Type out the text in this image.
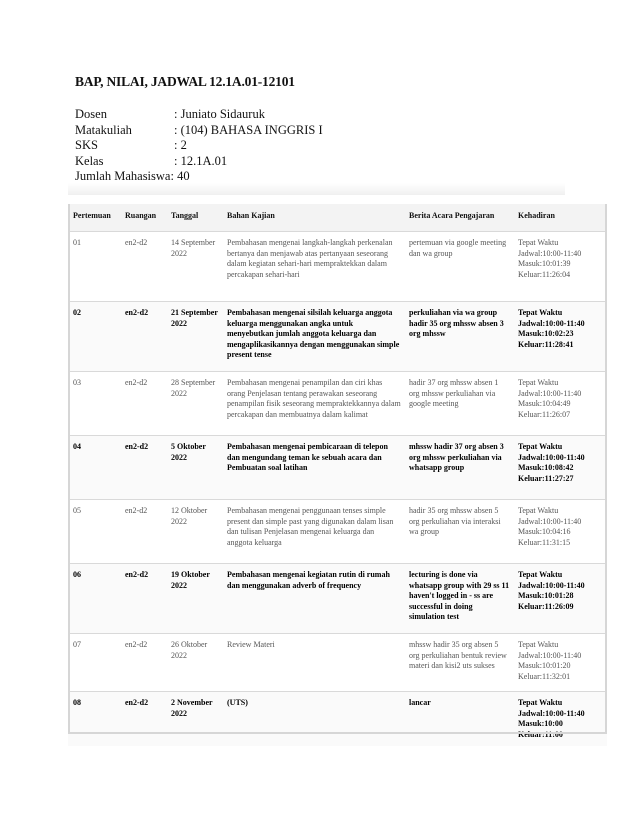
BAP, NILAI, JADWAL 12.1A.01-12101
Dosen	: Juniato Sidauruk
Matakuliah	: (104) BAHASA INGGRIS I
SKS	: 2
Kelas	: 12.1A.01
Jumlah Mahasiswa : 40
Pertemuan	Ruangan	Tanggal	Bahan Kajian	Berita Acara Pengajaran	Kehadiran
01	en2-d2	14 September 2022	Pembahasan mengenai langkah-langkah perkenalan bertanya dan menjawab atas pertanyaan seseorang dalam kegiatan sehari-hari mempraktekkan dalam percakapan sehari-hari	pertemuan via google meeting dan wa group	Tepat Waktu
Jadwal:10:00-11:40
Masuk:10:01:39
Keluar:11:26:04

02	en2-d2	21 September 2022	Pembahasan mengenai silsilah keluarga anggota keluarga menggunakan angka untuk menyebutkan jumlah anggota keluarga dan mengaplikasikannya dengan menggunakan simple present tense	perkuliahan via wa group hadir 35 org mhssw absen 3 org mhssw	Tepat Waktu
Jadwal:10:00-11:40
Masuk:10:02:23
Keluar:11:28:41

03	en2-d2	28 September 2022	Pembahasan mengenai penampilan dan ciri khas orang Penjelasan tentang perawakan seseorang penampilan fisik seseorang mempraktekkannya dalam percakapan dan membuatnya dalam kalimat	hadir 37 org mhssw absen 1 org mhssw perkuliahan via google meeting	Tepat Waktu
Jadwal:10:00-11:40
Masuk:10:04:49
Keluar:11:26:07

04	en2-d2	5 Oktober 2022	Pembahasan mengenai pembicaraan di telepon dan mengundang teman ke sebuah acara dan Pembuatan soal latihan	mhssw hadir 37 org absen 3 org mhssw perkuliahan via whatsapp group	Tepat Waktu
Jadwal:10:00-11:40
Masuk:10:08:42
Keluar:11:27:27

05	en2-d2	12 Oktober 2022	Pembahasan mengenai penggunaan tenses simple present dan simple past yang digunakan dalam lisan dan tulisan Penjelasan mengenai keluarga dan anggota keluarga	hadir 35 org mhssw absen 5 org perkuliahan via interaksi wa group	Tepat Waktu
Jadwal:10:00-11:40
Masuk:10:04:16
Keluar:11:31:15

06	en2-d2	19 Oktober 2022	Pembahasan mengenai kegiatan rutin di rumah dan menggunakan adverb of frequency	lecturing is done via whatsapp group with 29 ss 11 haven't logged in - ss are successful in doing simulation test	Tepat Waktu
Jadwal:10:00-11:40
Masuk:10:01:28
Keluar:11:26:09

07	en2-d2	26 Oktober 2022	Review Materi	mhssw hadir 35 org absen 5 org perkuliahan bentuk review materi dan kisi2 uts sukses	Tepat Waktu
Jadwal:10:00-11:40
Masuk:10:01:20
Keluar:11:32:01

08	en2-d2	2 November 2022	(UTS)	lancar	Tepat Waktu
Jadwal:10:00-11:40
Masuk:10:00
Keluar:11:00
